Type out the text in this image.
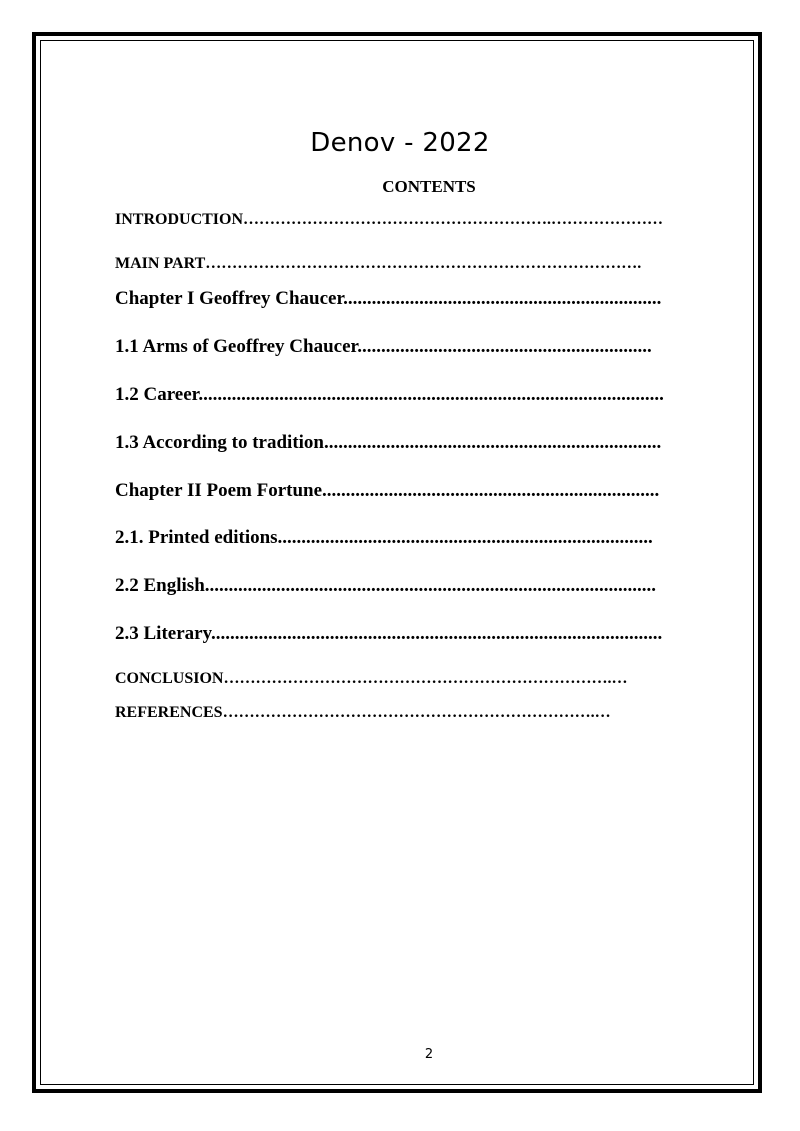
Denov - 2022
CONTENTS
INTRODUCTION………………………………………………….…………………
MAIN PART……………………………………………………………………….
Chapter I Geoffrey Chaucer...................................................................
1.1 Arms of Geoffrey Chaucer..............................................................
1.2 Career..................................................................................................
1.3 According to tradition.......................................................................
Chapter II Poem Fortune.......................................................................
2.1. Printed editions...............................................................................
2.2 English...............................................................................................
2.3 Literary...............................................................................................
CONCLUSION……………………………………………………………….…
REFERENCES…………………………………………………………….…
2
